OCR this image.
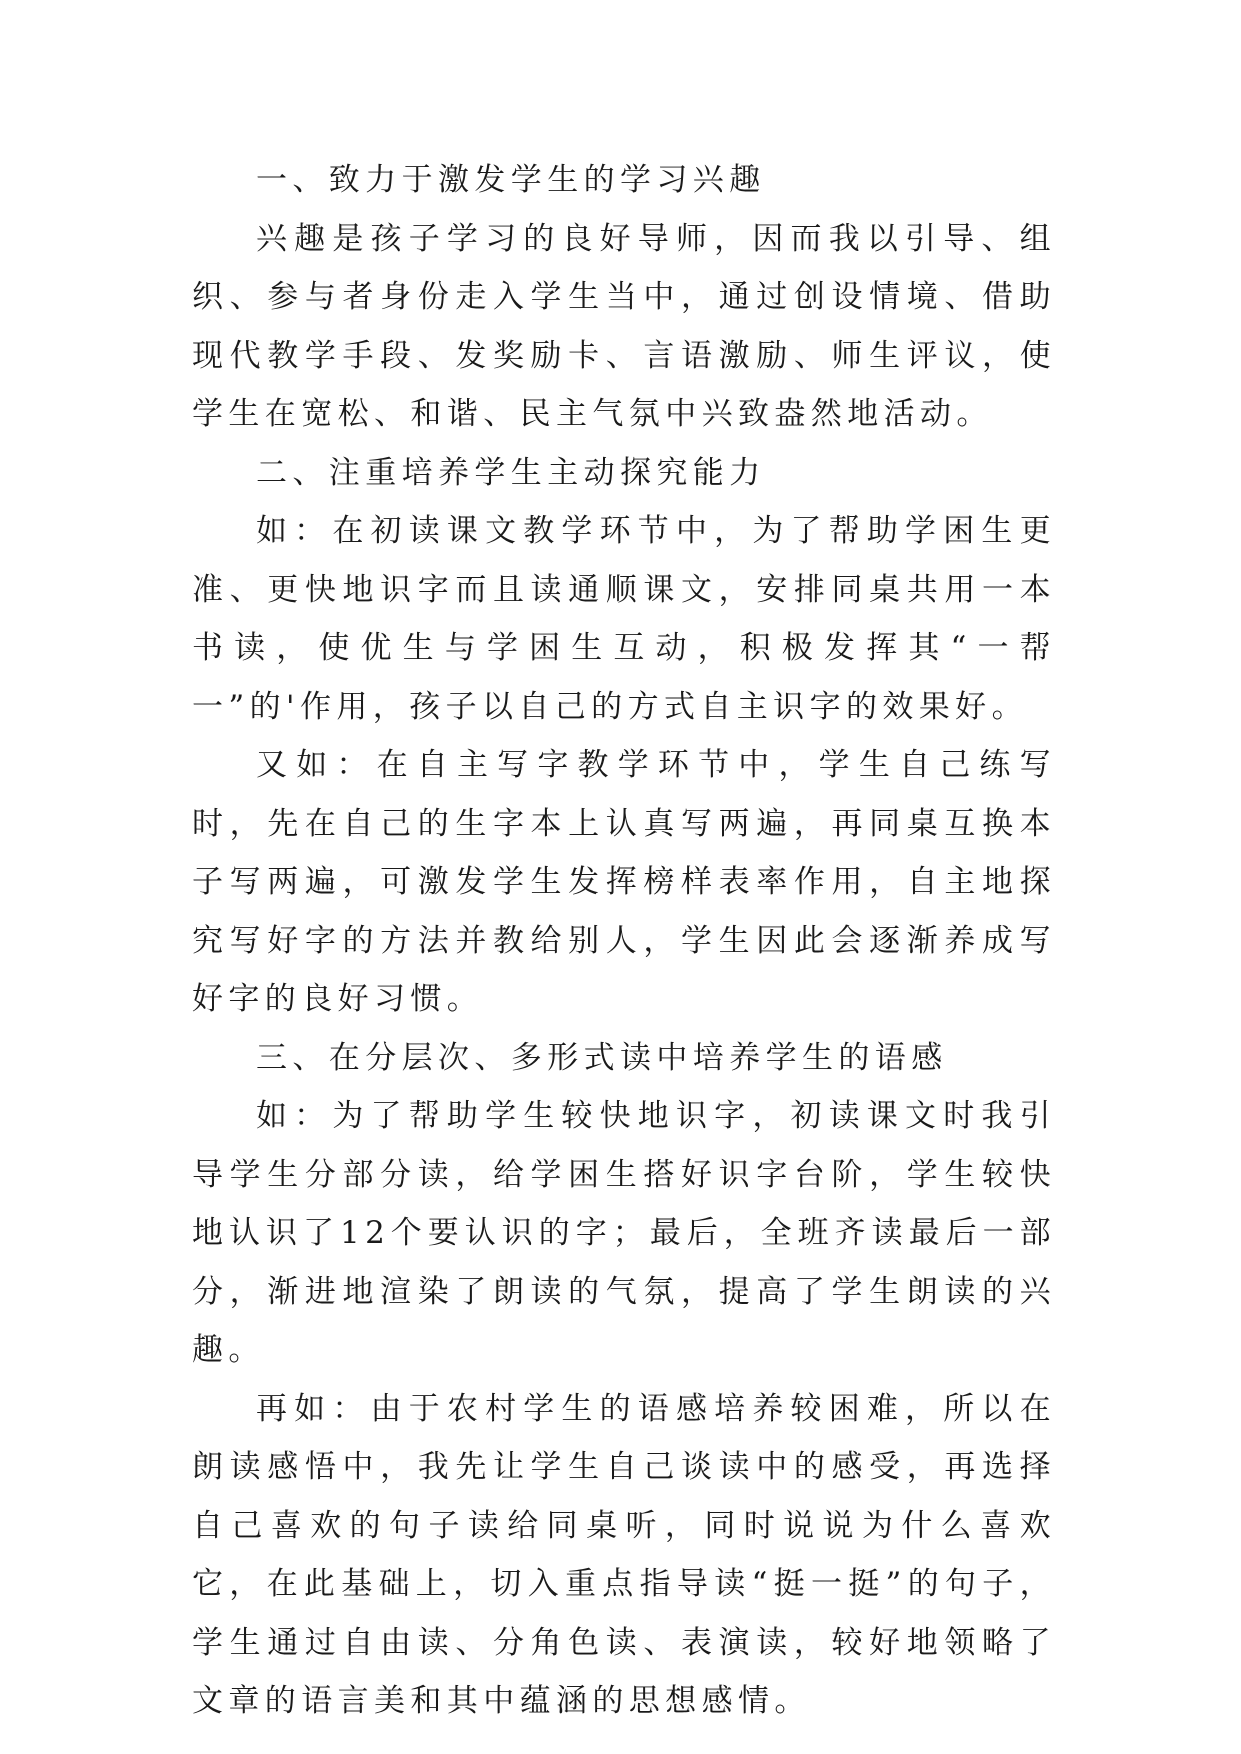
一、致力于激发学生的学习兴趣

兴趣是孩子学习的良好导师，因而我以引导、组织、参与者身份走入学生当中，通过创设情境、借助现代教学手段、发奖励卡、言语激励、师生评议，使学生在宽松、和谐、民主气氛中兴致盎然地活动。

二、注重培养学生主动探究能力

如：在初读课文教学环节中，为了帮助学困生更准、更快地识字而且读通顺课文，安排同桌共用一本书读，使优生与学困生互动，积极发挥其“一帮一”的'作用，孩子以自己的方式自主识字的效果好。

又如：在自主写字教学环节中，学生自己练写时，先在自己的生字本上认真写两遍，再同桌互换本子写两遍，可激发学生发挥榜样表率作用，自主地探究写好字的方法并教给别人，学生因此会逐渐养成写好字的良好习惯。

三、在分层次、多形式读中培养学生的语感

如：为了帮助学生较快地识字，初读课文时我引导学生分部分读，给学困生搭好识字台阶，学生较快地认识了12个要认识的字；最后，全班齐读最后一部分，渐进地渲染了朗读的气氛，提高了学生朗读的兴趣。

再如：由于农村学生的语感培养较困难，所以在朗读感悟中，我先让学生自己谈读中的感受，再选择自己喜欢的句子读给同桌听，同时说说为什么喜欢它，在此基础上，切入重点指导读“挺一挺”的句子，学生通过自由读、分角色读、表演读，较好地领略了文章的语言美和其中蕴涵的思想感情。
